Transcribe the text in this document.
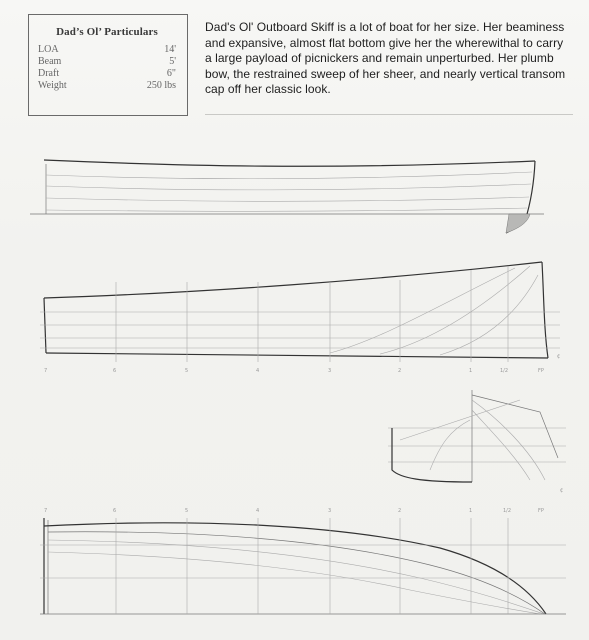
Dad’s Ol’ Particulars
LOA	14'
Beam	5'
Draft	6"
Weight	250 lbs

Dad's Ol' Outboard Skiff is a lot of boat for her size. Her beaminess and expansive, almost flat bottom give her the wherewithal to carry a large payload of picnickers and remain unperturbed. Her plumb bow, the restrained sweep of her sheer, and nearly vertical transom cap off her classic look.

₵
7	6	5	4	3	2	1	1/2	FP
₵
7	6	5	4	3	2	1	1/2	FP
